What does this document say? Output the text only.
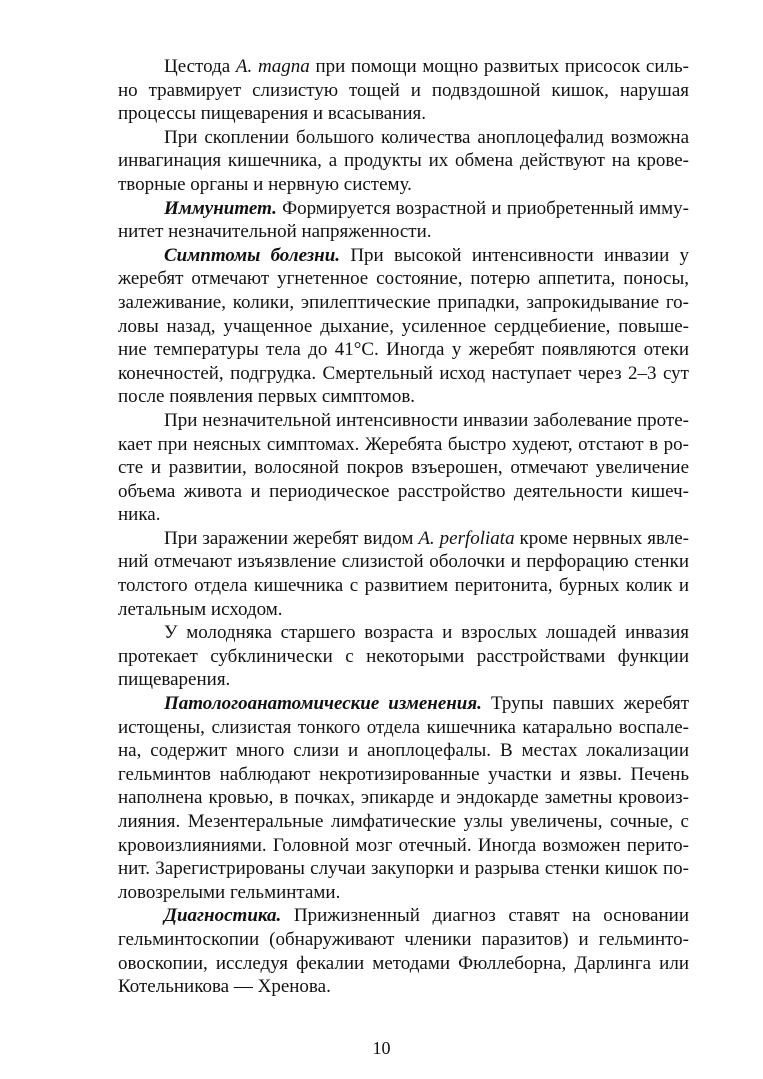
Цестода A. magna при помощи мощно развитых присосок силь-
но травмирует слизистую тощей и подвздошной кишок, нарушая
процессы пищеварения и всасывания.
При скоплении большого количества аноплоцефалид возможна
инвагинация кишечника, а продукты их обмена действуют на крове-
творные органы и нервную систему.
Иммунитет. Формируется возрастной и приобретенный имму-
нитет незначительной напряженности.
Симптомы болезни. При высокой интенсивности инвазии у
жеребят отмечают угнетенное состояние, потерю аппетита, поносы,
залеживание, колики, эпилептические припадки, запрокидывание го-
ловы назад, учащенное дыхание, усиленное сердцебиение, повыше-
ние температуры тела до 41°С. Иногда у жеребят появляются отеки
конечностей, подгрудка. Смертельный исход наступает через 2–3 сут
после появления первых симптомов.
При незначительной интенсивности инвазии заболевание проте-
кает при неясных симптомах. Жеребята быстро худеют, отстают в ро-
сте и развитии, волосяной покров взъерошен, отмечают увеличение
объема живота и периодическое расстройство деятельности кишеч-
ника.
При заражении жеребят видом A. perfoliata кроме нервных явле-
ний отмечают изъязвление слизистой оболочки и перфорацию стенки
толстого отдела кишечника с развитием перитонита, бурных колик и
летальным исходом.
У молодняка старшего возраста и взрослых лошадей инвазия
протекает субклинически с некоторыми расстройствами функции
пищеварения.
Патологоанатомические изменения. Трупы павших жеребят
истощены, слизистая тонкого отдела кишечника катарально воспале-
на, содержит много слизи и аноплоцефалы. В местах локализации
гельминтов наблюдают некротизированные участки и язвы. Печень
наполнена кровью, в почках, эпикарде и эндокарде заметны кровоиз-
лияния. Мезентеральные лимфатические узлы увеличены, сочные, с
кровоизлияниями. Головной мозг отечный. Иногда возможен перито-
нит. Зарегистрированы случаи закупорки и разрыва стенки кишок по-
ловозрелыми гельминтами.
Диагностика. Прижизненный диагноз ставят на основании
гельминтоскопии (обнаруживают членики паразитов) и гельминто-
овоскопии, исследуя фекалии методами Фюллеборна, Дарлинга или
Котельникова — Хренова.
10
